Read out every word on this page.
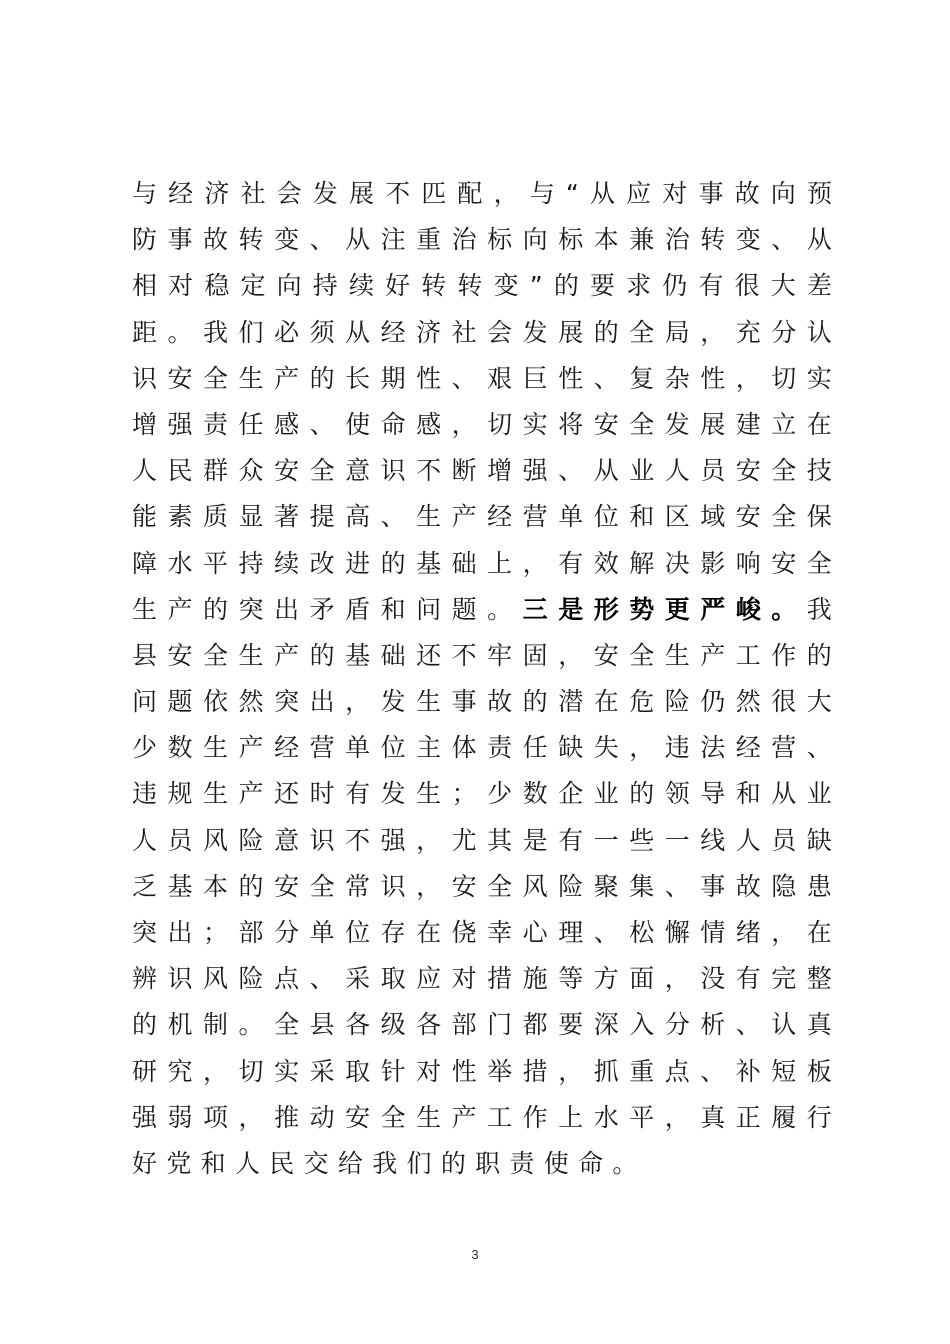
与 经 济 社 会 发 展 不 匹 配 ， 与 “ 从 应 对 事 故 向 预
防 事 故 转 变 、 从 注 重 治 标 向 标 本 兼 治 转 变 、 从
相 对 稳 定 向 持 续 好 转 转 变 ” 的 要 求 仍 有 很 大 差
距 。 我 们 必 须 从 经 济 社 会 发 展 的 全 局 ， 充 分 认
识 安 全 生 产 的 长 期 性 、 艰 巨 性 、 复 杂 性 ， 切 实
增 强 责 任 感 、 使 命 感 ， 切 实 将 安 全 发 展 建 立 在
人 民 群 众 安 全 意 识 不 断 增 强 、 从 业 人 员 安 全 技
能 素 质 显 著 提 高 、 生 产 经 营 单 位 和 区 域 安 全 保
障 水 平 持 续 改 进 的 基 础 上 ， 有 效 解 决 影 响 安 全
生 产 的 突 出 矛 盾 和 问 题 。 三 是 形 势 更 严 峻 。 我
县 安 全 生 产 的 基 础 还 不 牢 固 ， 安 全 生 产 工 作 的
问 题 依 然 突 出 ， 发 生 事 故 的 潜 在 危 险 仍 然 很 大
少 数 生 产 经 营 单 位 主 体 责 任 缺 失 ， 违 法 经 营 、
违 规 生 产 还 时 有 发 生 ； 少 数 企 业 的 领 导 和 从 业
人 员 风 险 意 识 不 强 ， 尤 其 是 有 一 些 一 线 人 员 缺
乏 基 本 的 安 全 常 识 ， 安 全 风 险 聚 集 、 事 故 隐 患
突 出 ； 部 分 单 位 存 在 侥 幸 心 理 、 松 懈 情 绪 ， 在
辨 识 风 险 点 、 采 取 应 对 措 施 等 方 面 ， 没 有 完 整
的 机 制 。 全 县 各 级 各 部 门 都 要 深 入 分 析 、 认 真
研 究 ， 切 实 采 取 针 对 性 举 措 ， 抓 重 点 、 补 短 板
强 弱 项 ， 推 动 安 全 生 产 工 作 上 水 平 ， 真 正 履 行
好 党 和 人 民 交 给 我 们 的 职 责 使 命 。
3
